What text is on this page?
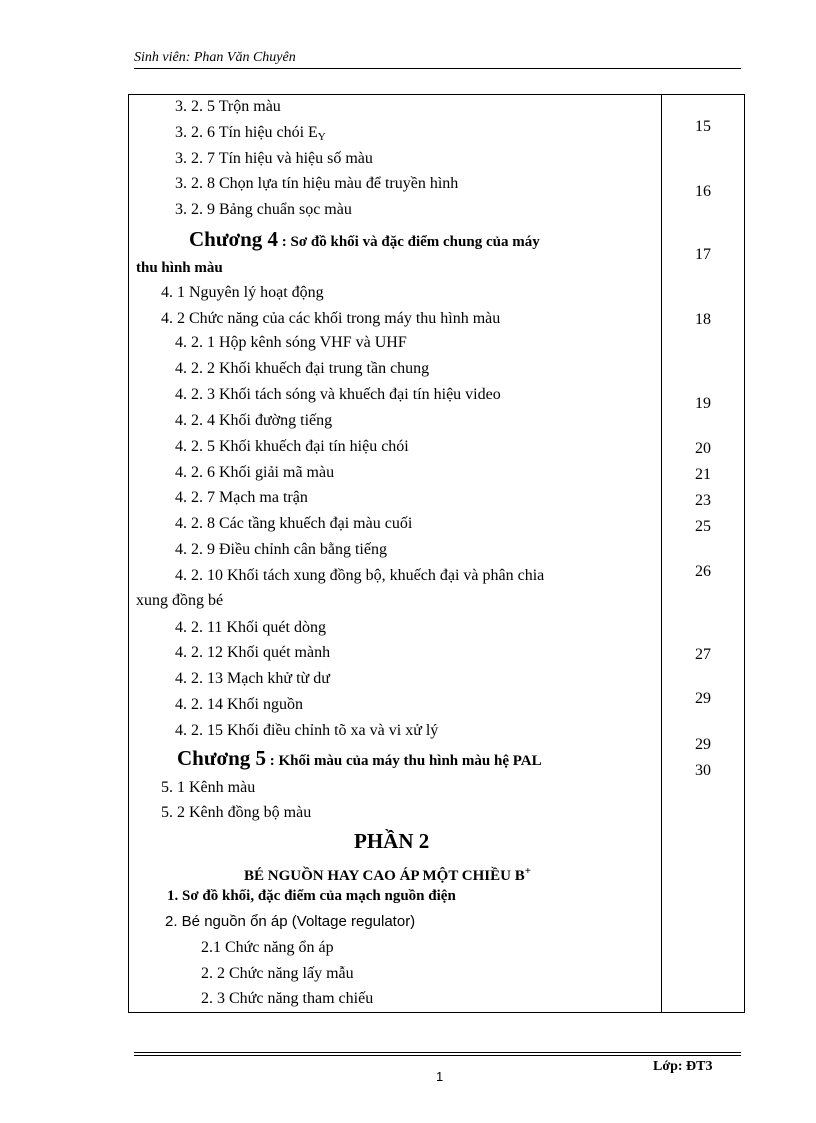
Sinh viên: Phan Văn Chuyên
3. 2. 5 Trộn màu
3. 2. 6 Tín hiệu chói $E_Y$
3. 2. 7 Tín hiệu và hiệu số màu
3. 2. 8 Chọn lựa tín hiệu màu để truyền hình
3. 2. 9 Bảng chuẩn sọc màu
Chương 4 : Sơ đồ khối và đặc điểm chung của máy
thu hình màu
4. 1 Nguyên lý hoạt động
4. 2 Chức năng của các khối trong máy thu hình màu
4. 2. 1 Hộp kênh sóng VHF và UHF
4. 2. 2 Khối khuếch đại trung tần chung
4. 2. 3 Khối tách sóng và khuếch đại tín hiệu video
4. 2. 4 Khối đường tiếng
4. 2. 5 Khối khuếch đại tín hiệu chói
4. 2. 6 Khối giải mã màu
4. 2. 7 Mạch ma trận
4. 2. 8 Các tầng khuếch đại màu cuối
4. 2. 9 Điều chỉnh cân bằng tiếng
4. 2. 10 Khối tách xung đồng bộ, khuếch đại và phân chia
xung đồng bé
4. 2. 11 Khối quét dòng
4. 2. 12 Khối quét mành
4. 2. 13 Mạch khử từ dư
4. 2. 14 Khối nguồn
4. 2. 15 Khối điều chỉnh tõ xa và vi xử lý
Chương 5 : Khối màu của máy thu hình màu hệ PAL
5. 1 Kênh màu
5. 2 Kênh đồng bộ màu
PHẦN 2
BÉ NGUỒN HAY CAO ÁP MỘT CHIỀU B+
1. Sơ đồ khối, đặc điểm của mạch nguồn điện
2. Bé nguồn ổn áp (Voltage regulator)
2.1 Chức năng ổn áp
2. 2 Chức năng lấy mẫu
2. 3 Chức năng tham chiếu
15
16
17
18
19
20
21
23
25
26
27
29
29
30
Lớp: ĐT3
1
